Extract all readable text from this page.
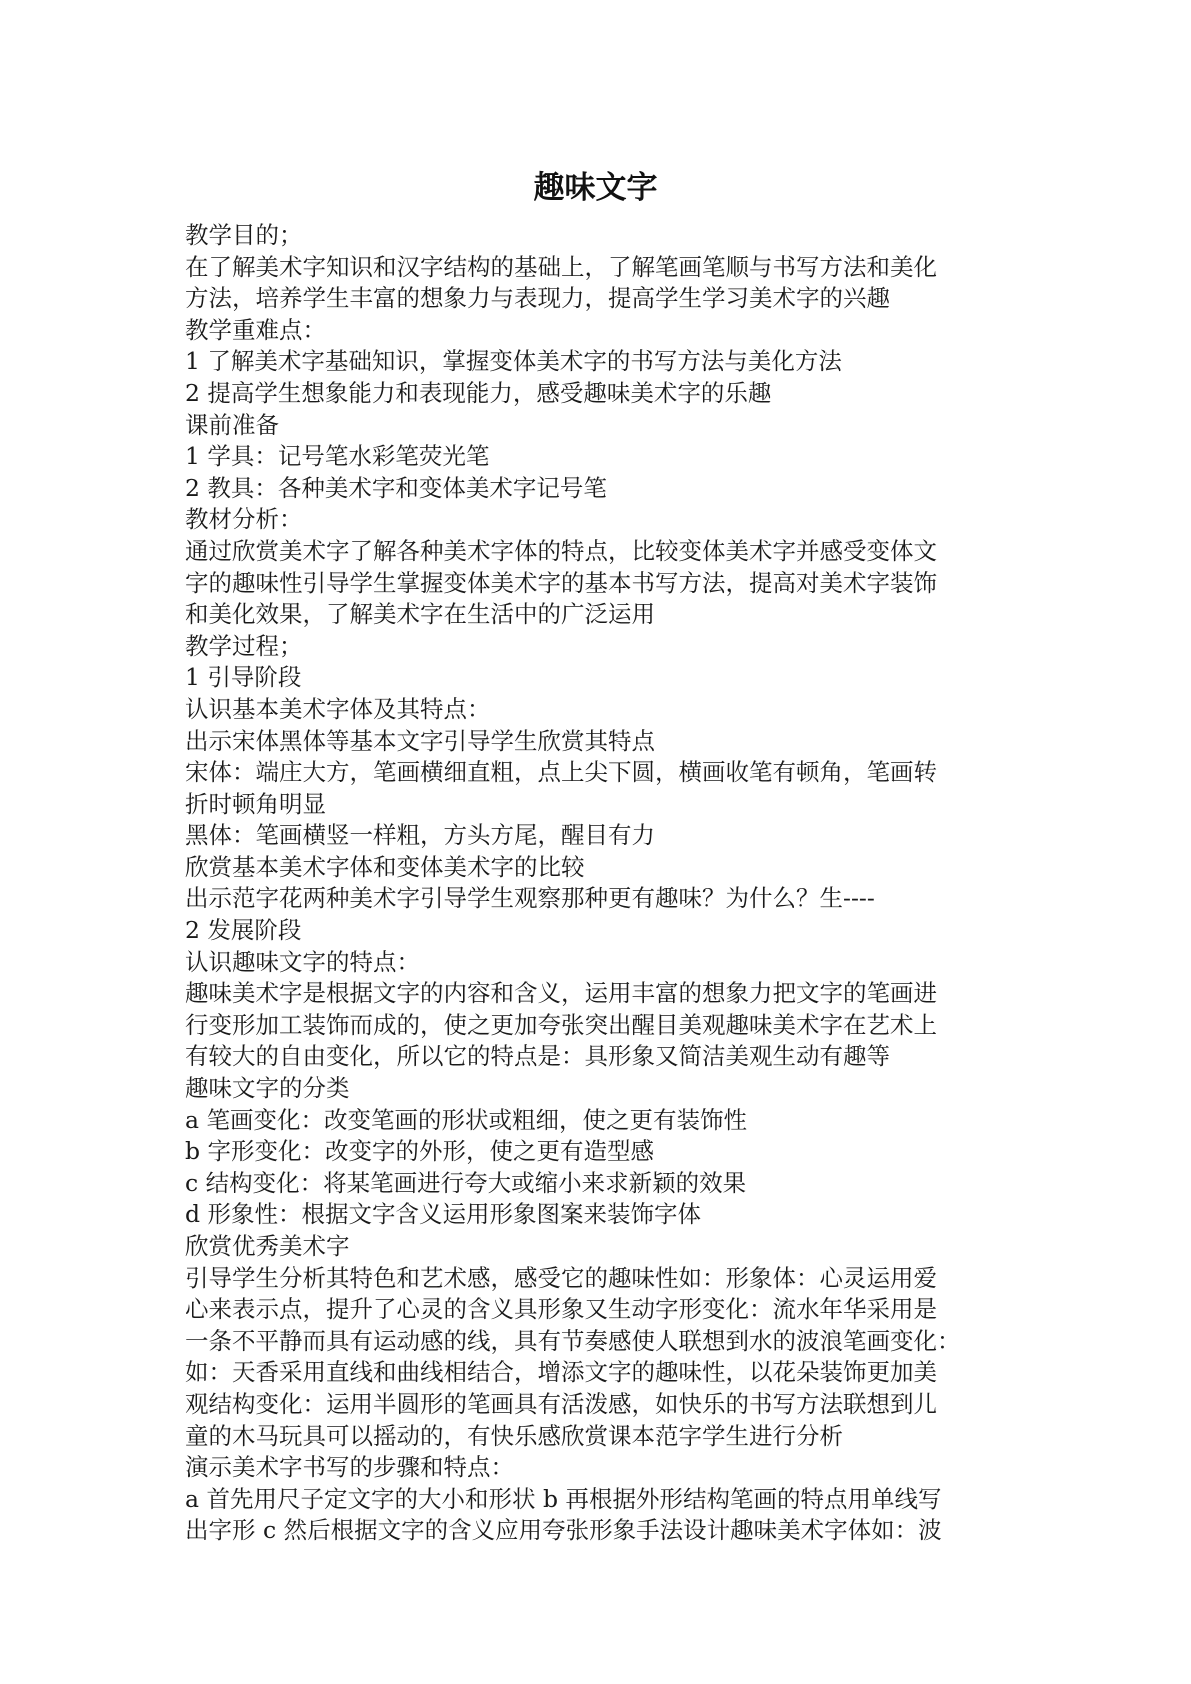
趣味文字
教学目的；
在了解美术字知识和汉字结构的基础上，了解笔画笔顺与书写方法和美化
方法，培养学生丰富的想象力与表现力，提高学生学习美术字的兴趣
教学重难点：
1 了解美术字基础知识，掌握变体美术字的书写方法与美化方法
2 提高学生想象能力和表现能力，感受趣味美术字的乐趣
课前准备
1 学具：记号笔水彩笔荧光笔
2 教具：各种美术字和变体美术字记号笔
教材分析：
通过欣赏美术字了解各种美术字体的特点，比较变体美术字并感受变体文
字的趣味性引导学生掌握变体美术字的基本书写方法，提高对美术字装饰
和美化效果，了解美术字在生活中的广泛运用
教学过程；
1 引导阶段
认识基本美术字体及其特点：
出示宋体黑体等基本文字引导学生欣赏其特点
宋体：端庄大方，笔画横细直粗，点上尖下圆，横画收笔有顿角，笔画转
折时顿角明显
黑体：笔画横竖一样粗，方头方尾，醒目有力
欣赏基本美术字体和变体美术字的比较
出示范字花两种美术字引导学生观察那种更有趣味？为什么？生----
2 发展阶段
认识趣味文字的特点：
趣味美术字是根据文字的内容和含义，运用丰富的想象力把文字的笔画进
行变形加工装饰而成的，使之更加夸张突出醒目美观趣味美术字在艺术上
有较大的自由变化，所以它的特点是：具形象又简洁美观生动有趣等
趣味文字的分类
a 笔画变化：改变笔画的形状或粗细，使之更有装饰性
b 字形变化：改变字的外形，使之更有造型感
c 结构变化：将某笔画进行夸大或缩小来求新颖的效果
d 形象性：根据文字含义运用形象图案来装饰字体
欣赏优秀美术字
引导学生分析其特色和艺术感，感受它的趣味性如：形象体：心灵运用爱
心来表示点，提升了心灵的含义具形象又生动字形变化：流水年华采用是
一条不平静而具有运动感的线，具有节奏感使人联想到水的波浪笔画变化：
如：天香采用直线和曲线相结合，增添文字的趣味性，以花朵装饰更加美
观结构变化：运用半圆形的笔画具有活泼感，如快乐的书写方法联想到儿
童的木马玩具可以摇动的，有快乐感欣赏课本范字学生进行分析
演示美术字书写的步骤和特点：
a 首先用尺子定文字的大小和形状 b 再根据外形结构笔画的特点用单线写
出字形 c 然后根据文字的含义应用夸张形象手法设计趣味美术字体如：波
